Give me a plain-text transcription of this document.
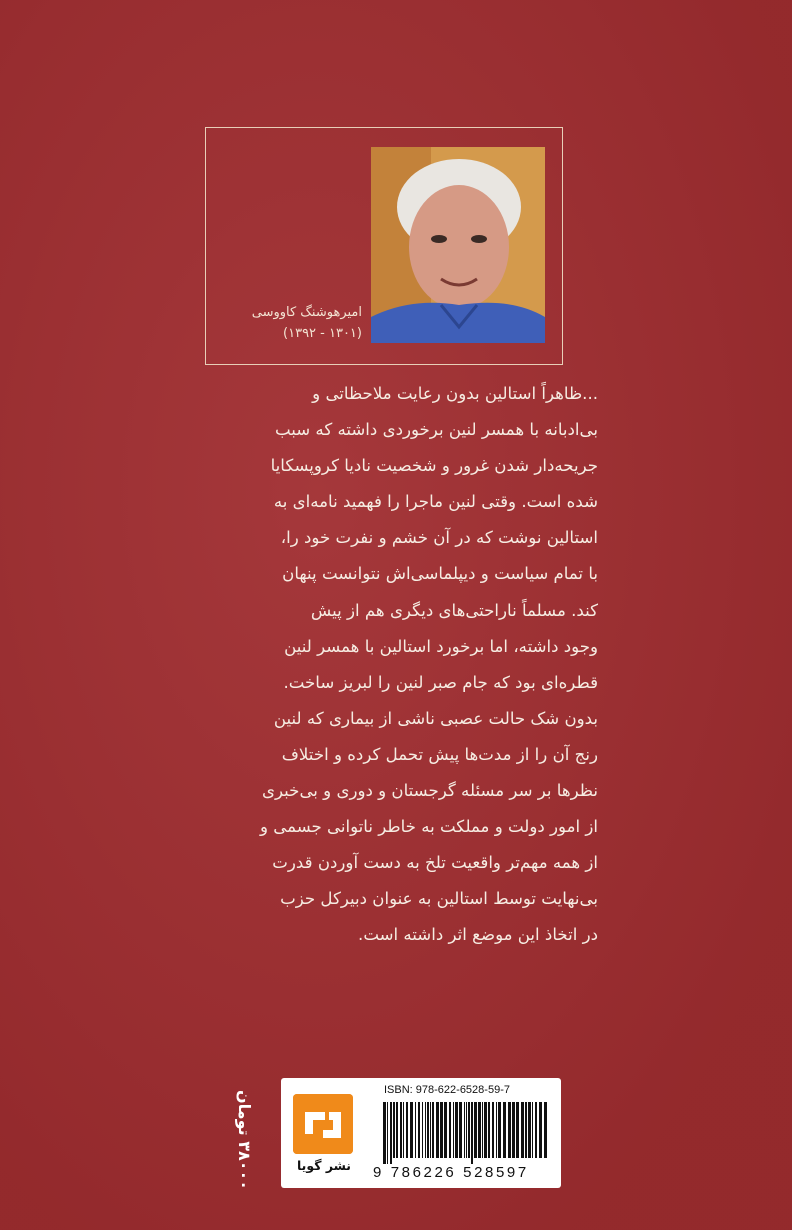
امیرهوشنگ کاووسی
(۱۳۹۲ - ۱۳۰۱)

...ظاهراً استالین بدون رعایت ملاحظاتی و

بی‌ادبانه با همسر لنین برخوردی داشته که سبب

جریحه‌دار شدن غرور و شخصیت نادیا کروپسکایا

شده است. وقتی لنین ماجرا را فهمید نامه‌ای به

استالین نوشت که در آن خشم و نفرت خود را،

با تمام سیاست و دیپلماسی‌اش نتوانست پنهان

کند. مسلماً ناراحتی‌های دیگری هم از پیش

وجود داشته، اما برخورد استالین با همسر لنین

قطره‌ای بود که جام صبر لنین را لبریز ساخت.

بدون شک حالت عصبی ناشی از بیماری که لنین

رنج آن را از مدت‌ها پیش تحمل کرده و اختلاف

نظرها بر سر مسئله گرجستان و دوری و بی‌خبری

از امور دولت و مملکت به خاطر ناتوانی جسمی و

از همه مهم‌تر واقعیت تلخ به دست آوردن قدرت

بی‌نهایت توسط استالین به عنوان دبیرکل حزب

در اتخاذ این موضع اثر داشته است.

۳۸۰۰۰ تومان	نشر گویا
ISBN: 978-622-6528-59-7
9 786226 528597
